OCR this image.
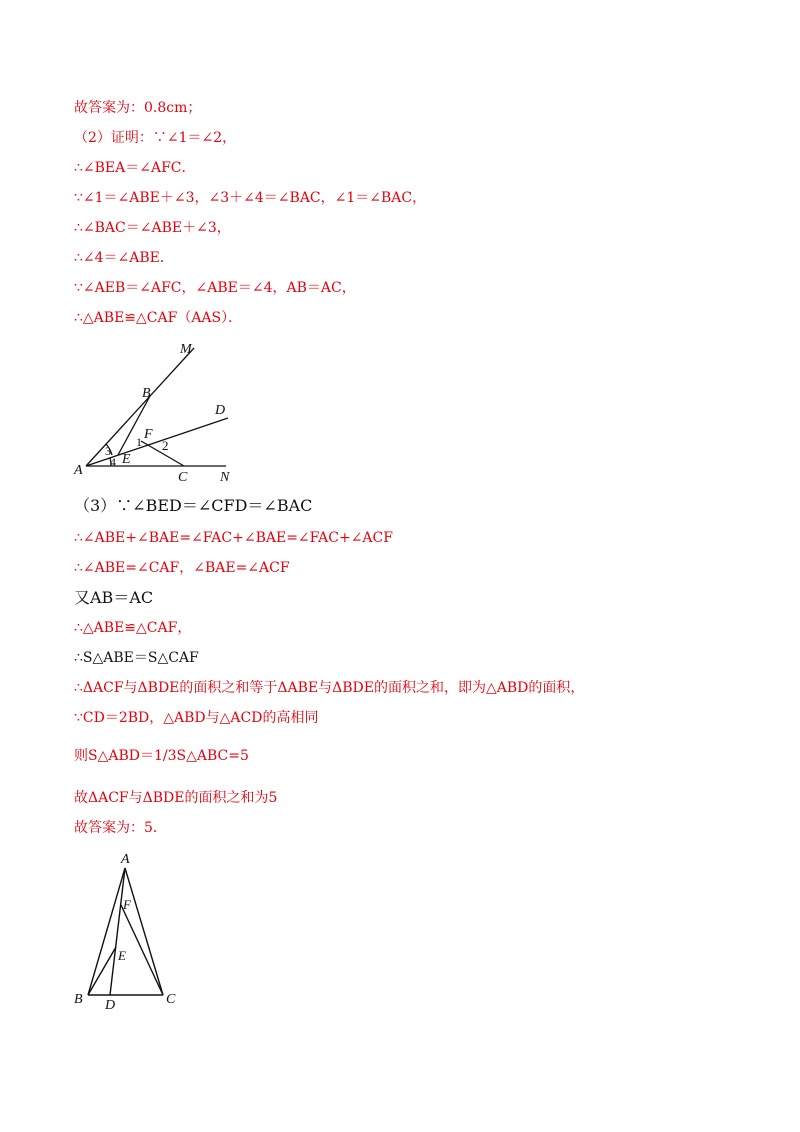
故答案为：0.8cm；
（2）证明：∵∠1＝∠2，
∴∠BEA＝∠AFC．
∵∠1＝∠ABE＋∠3，∠3＋∠4＝∠BAC，∠1＝∠BAC，
∴∠BAC＝∠ABE＋∠3，
∴∠4＝∠ABE．
∵∠AEB＝∠AFC，∠ABE＝∠4，AB＝AC，
∴△ABE≌△CAF（AAS）．
M
B
D
F
1 2
3
4 E
A	C N
（3）∵∠BED＝∠CFD＝∠BAC
∴∠ABE+∠BAE=∠FAC+∠BAE=∠FAC+∠ACF
∴∠ABE=∠CAF，∠BAE=∠ACF
又AB＝AC
∴△ABE≌△CAF，
∴S△ABE＝S△CAF
∴ΔACF与ΔBDE的面积之和等于ΔABE与ΔBDE的面积之和，即为△ABD的面积，
∵CD＝2BD，△ABD与△ACD的高相同
则S△ABD＝1/3S△ABC=5
故ΔACF与ΔBDE的面积之和为5
故答案为：5．
A
F
E
B D	C
